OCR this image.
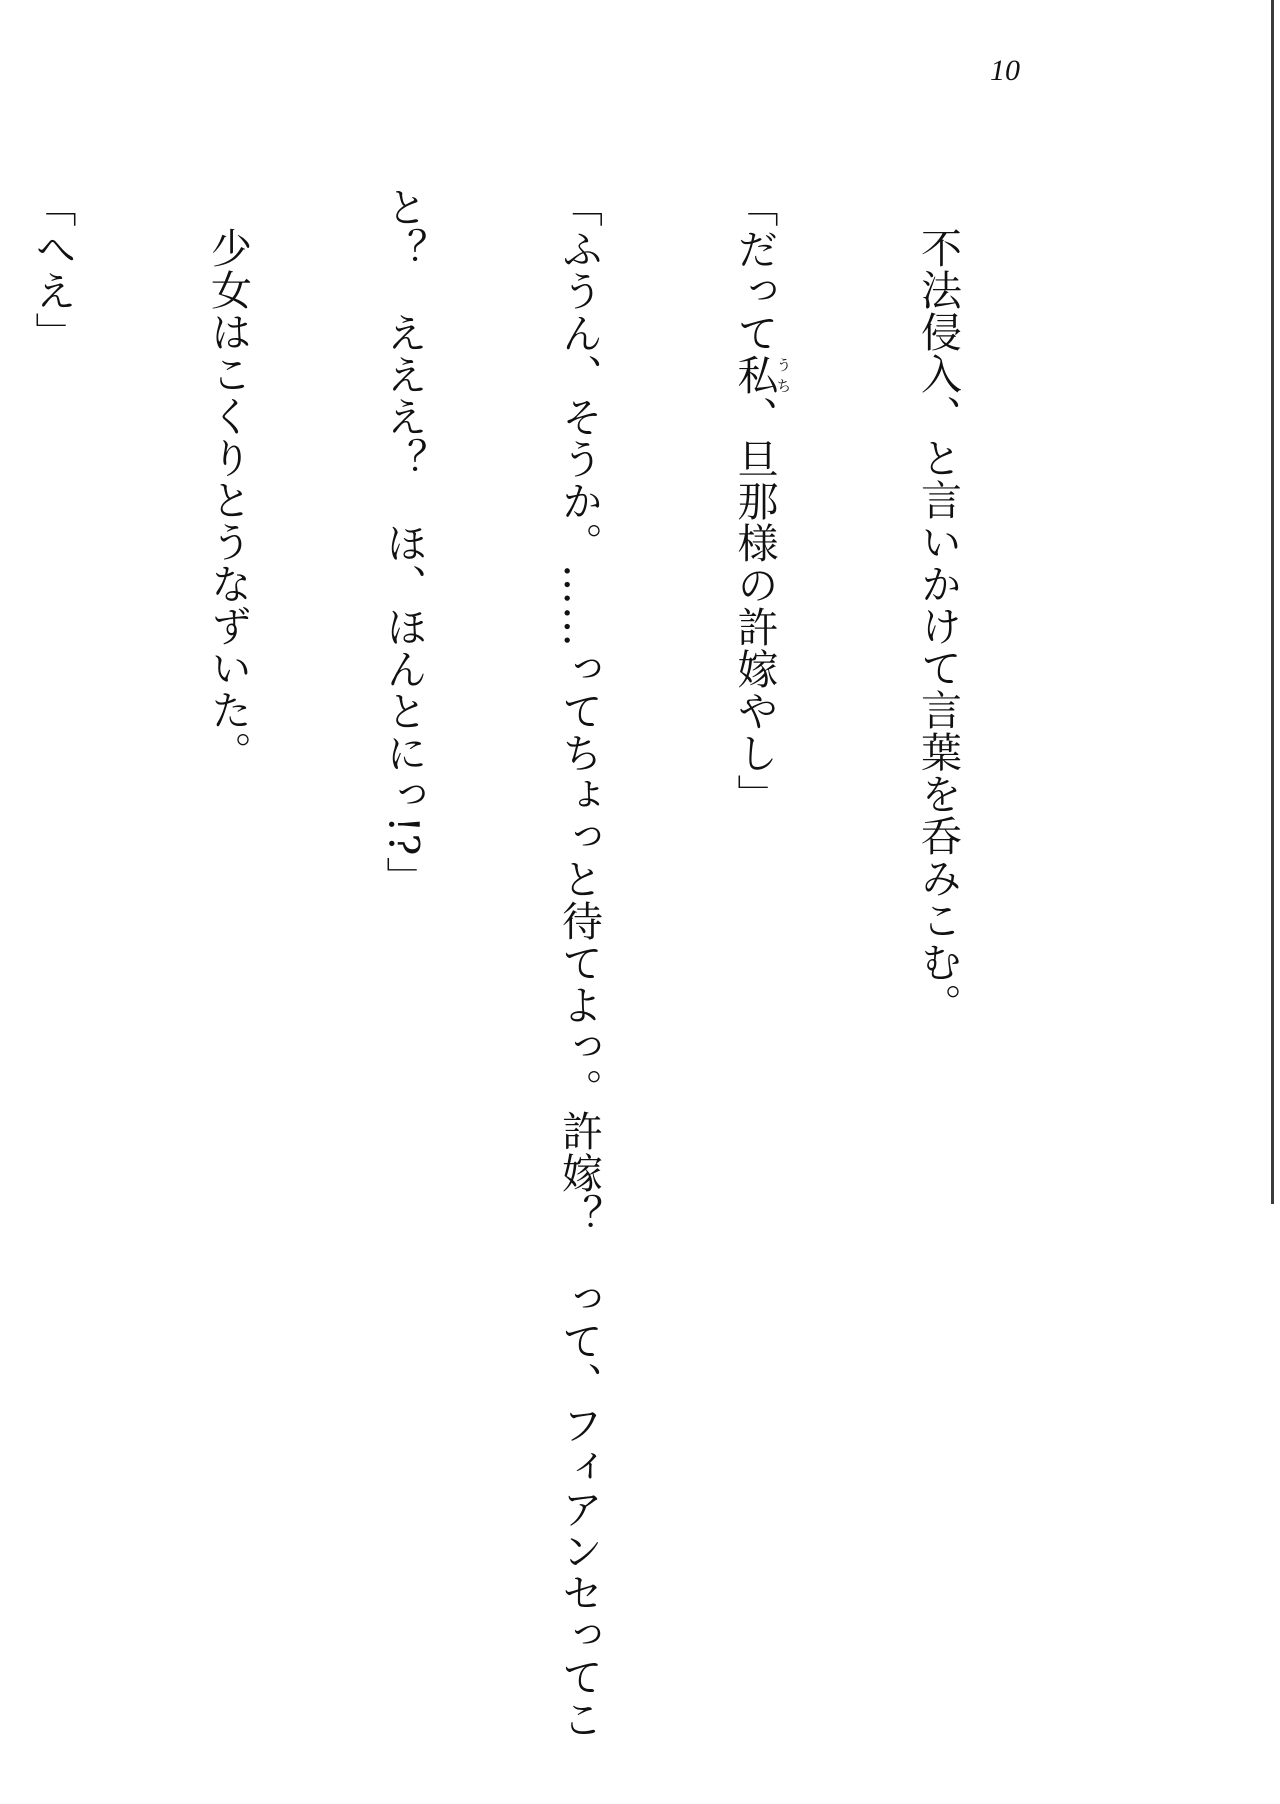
10

不法侵入、と言いかけて言葉を呑みこむ。

「だって私うち、旦那様の許嫁やし」

「ふうん、そうか。……ってちょっと待てよっ。許嫁？　って、フィアンセってこ

と？　えええ？　ほ、ほんとにっ!?」

少女はこくりとうなずいた。

「へえ」
